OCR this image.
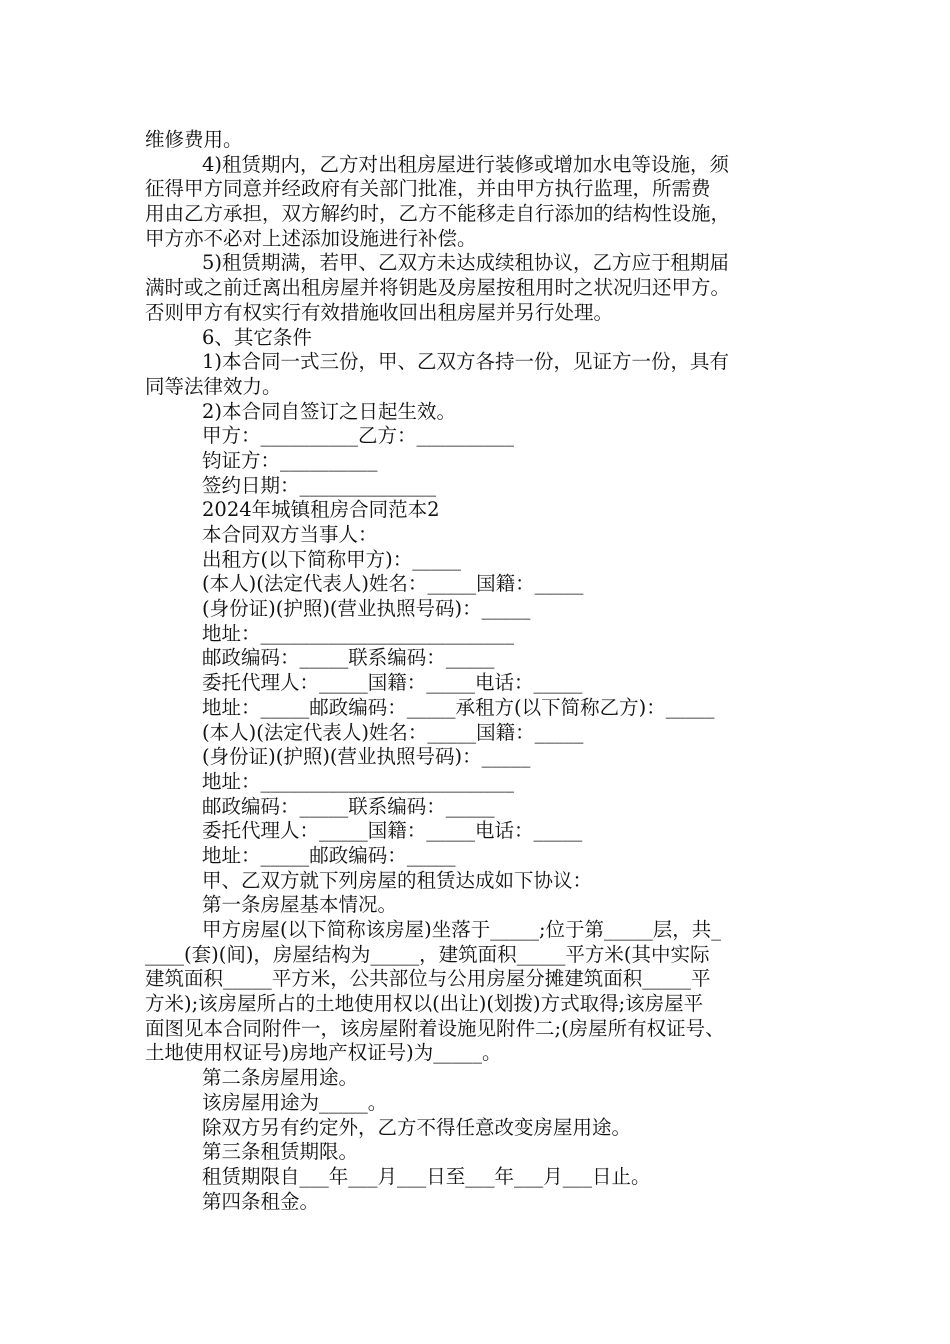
维修费用。
4)租赁期内，乙方对出租房屋进行装修或增加水电等设施，须
征得甲方同意并经政府有关部门批准，并由甲方执行监理，所需费
用由乙方承担，双方解约时，乙方不能移走自行添加的结构性设施，
甲方亦不必对上述添加设施进行补偿。
5)租赁期满，若甲、乙双方未达成续租协议，乙方应于租期届
满时或之前迁离出租房屋并将钥匙及房屋按租用时之状况归还甲方。
否则甲方有权实行有效措施收回出租房屋并另行处理。
6、其它条件
1)本合同一式三份，甲、乙双方各持一份，见证方一份，具有
同等法律效力。
2)本合同自签订之日起生效。
甲方：__________乙方：__________
钧证方：__________
签约日期：______________
2024年城镇租房合同范本2
本合同双方当事人：
出租方(以下简称甲方)：_____
(本人)(法定代表人)姓名：_____国籍：_____
(身份证)(护照)(营业执照号码)：_____
地址：__________________________
邮政编码：_____联系编码：_____
委托代理人：_____国籍：_____电话：_____
地址：_____邮政编码：_____承租方(以下简称乙方)：_____
(本人)(法定代表人)姓名：_____国籍：_____
(身份证)(护照)(营业执照号码)：_____
地址：__________________________
邮政编码：_____联系编码：_____
委托代理人：_____国籍：_____电话：_____
地址：_____邮政编码：_____
甲、乙双方就下列房屋的租赁达成如下协议：
第一条房屋基本情况。
甲方房屋(以下简称该房屋)坐落于_____;位于第_____层，共_
____(套)(间)，房屋结构为_____，建筑面积_____平方米(其中实际
建筑面积_____平方米，公共部位与公用房屋分摊建筑面积_____平
方米);该房屋所占的土地使用权以(出让)(划拨)方式取得;该房屋平
面图见本合同附件一，该房屋附着设施见附件二;(房屋所有权证号、
土地使用权证号)房地产权证号)为_____。
第二条房屋用途。
该房屋用途为_____。
除双方另有约定外，乙方不得任意改变房屋用途。
第三条租赁期限。
租赁期限自___年___月___日至___年___月___日止。
第四条租金。
